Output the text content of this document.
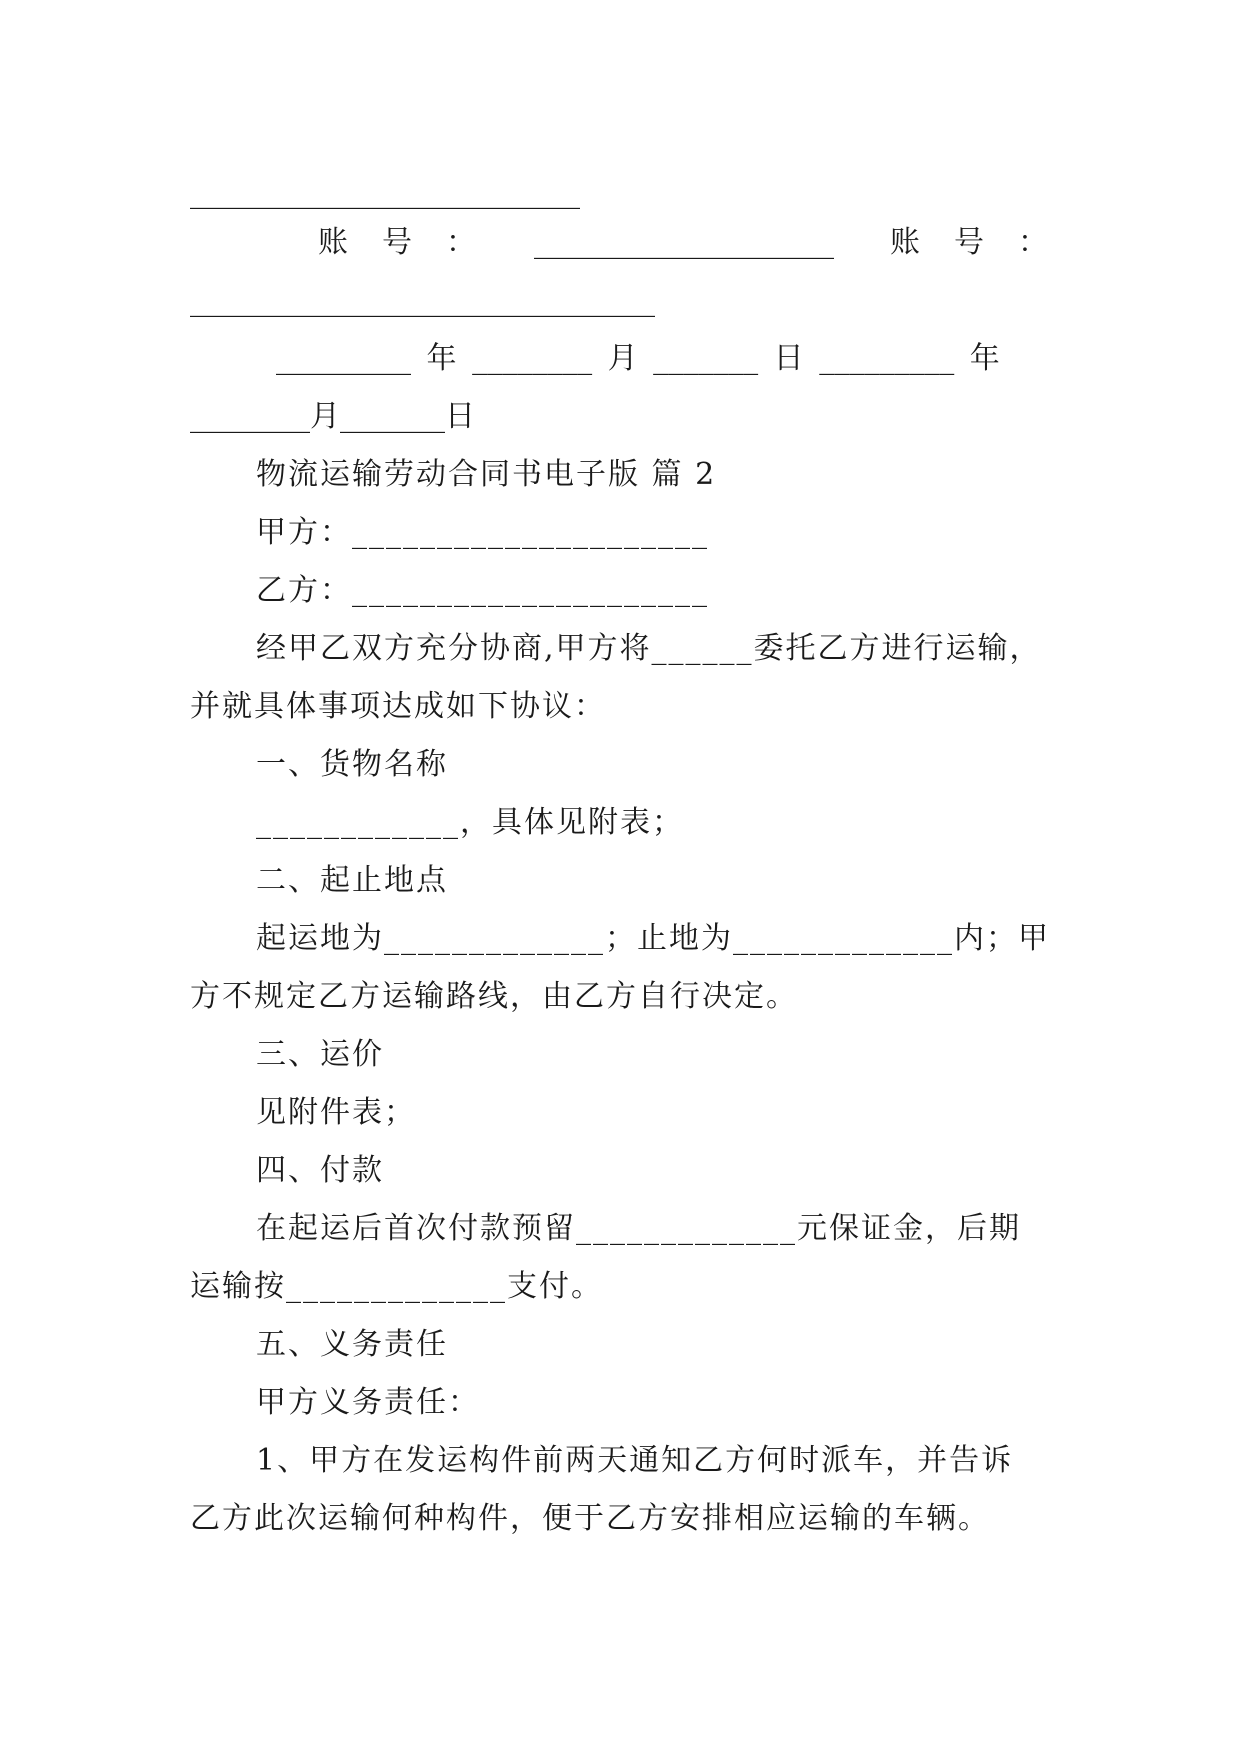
__________________________
账　号　： ____________________ 账　号　：
_______________________________
_________ 年 ________ 月 _______ 日 _________ 年
________月_______日
物流运输劳动合同书电子版 篇 2
甲方：_____________________
乙方：_____________________
经甲乙双方充分协商,甲方将______委托乙方进行运输，
并就具体事项达成如下协议：
一、货物名称
____________，具体见附表；
二、起止地点
起运地为_____________；止地为_____________内；甲
方不规定乙方运输路线，由乙方自行决定。
三、运价
见附件表；
四、付款
在起运后首次付款预留_____________元保证金，后期
运输按_____________支付。
五、义务责任
甲方义务责任：
1、甲方在发运构件前两天通知乙方何时派车，并告诉
乙方此次运输何种构件，便于乙方安排相应运输的车辆。
